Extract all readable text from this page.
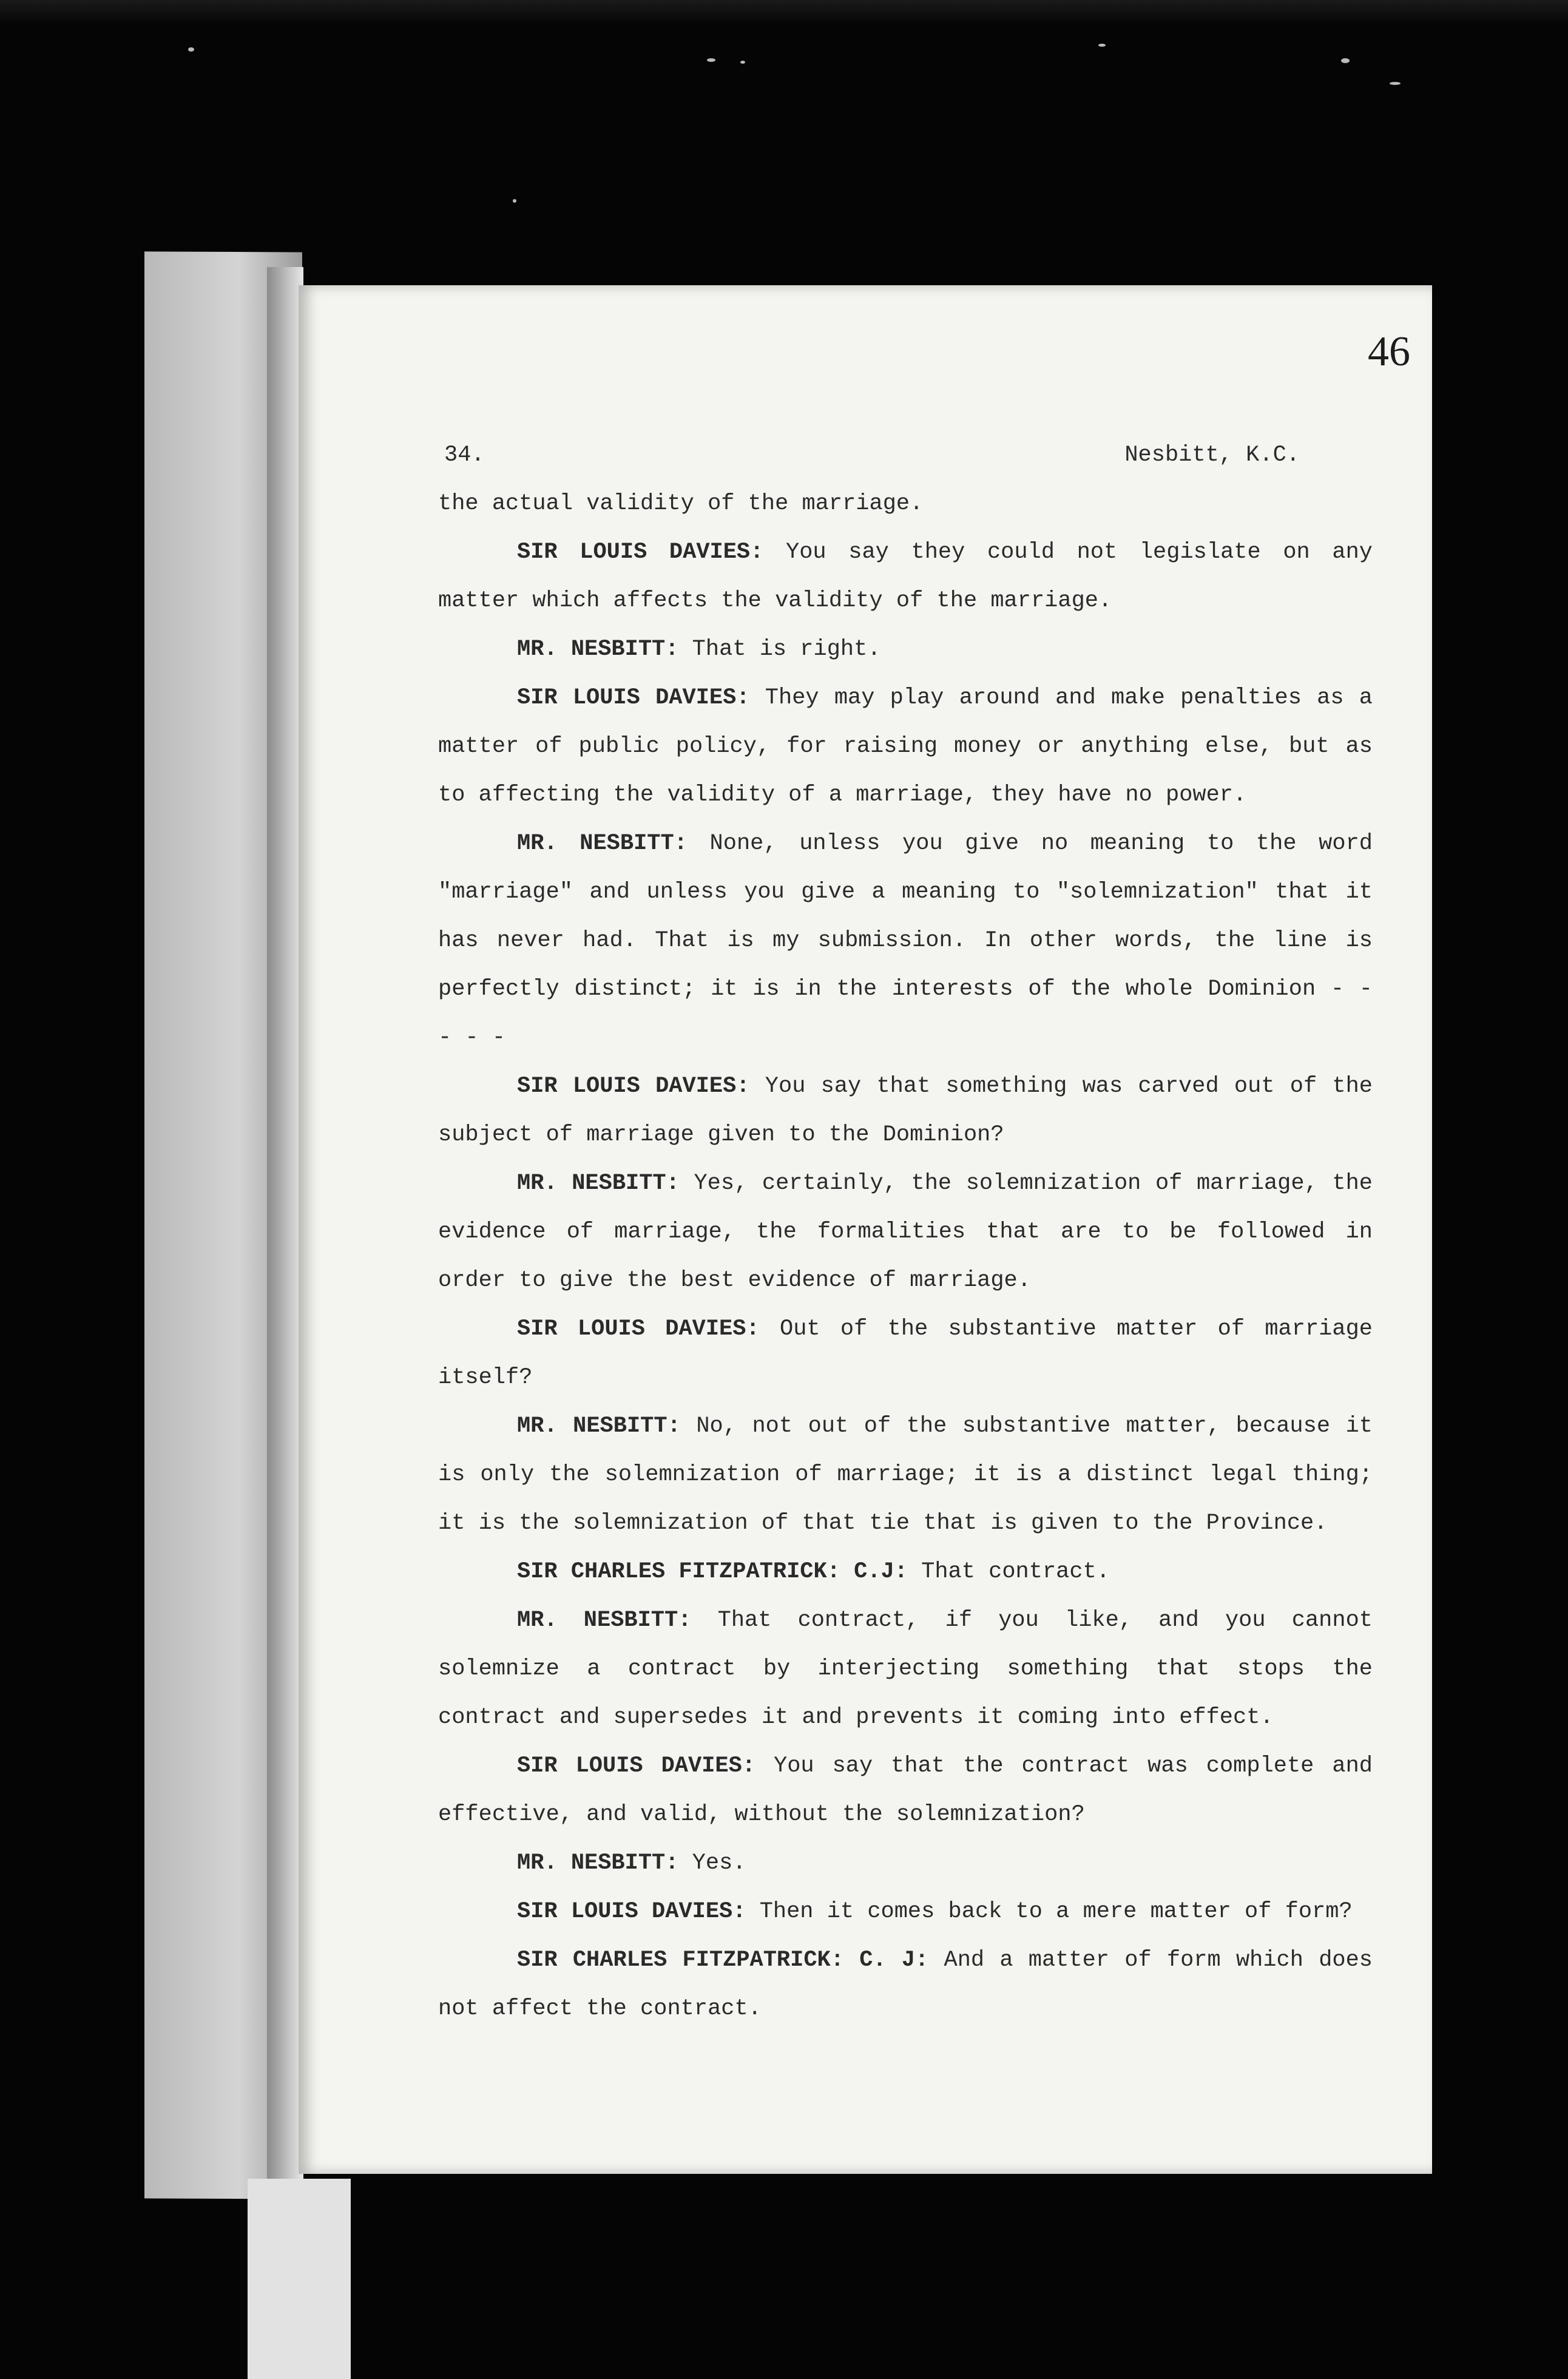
46
34.	Nesbitt, K.C.

the actual validity of the marriage.

SIR LOUIS DAVIES: You say they could not legislate on any matter which affects the validity of the marriage.

MR. NESBITT: That is right.

SIR LOUIS DAVIES: They may play around and make penalties as a matter of public policy, for raising money or anything else, but as to affecting the validity of a marriage, they have no power.

MR. NESBITT: None, unless you give no meaning to the word "marriage" and unless you give a meaning to "solemnization" that it has never had. That is my submission. In other words, the line is perfectly distinct; it is in the interests of the whole Dominion - - - - -

SIR LOUIS DAVIES: You say that something was carved out of the subject of marriage given to the Dominion?

MR. NESBITT: Yes, certainly, the solemnization of marriage, the evidence of marriage, the formalities that are to be followed in order to give the best evidence of marriage.

SIR LOUIS DAVIES: Out of the substantive matter of marriage itself?

MR. NESBITT: No, not out of the substantive matter, because it is only the solemnization of marriage; it is a distinct legal thing; it is the solemnization of that tie that is given to the Province.

SIR CHARLES FITZPATRICK: C.J: That contract.

MR. NESBITT: That contract, if you like, and you cannot solemnize a contract by interjecting something that stops the contract and supersedes it and prevents it coming into effect.

SIR LOUIS DAVIES: You say that the contract was complete and effective, and valid, without the solemnization?

MR. NESBITT: Yes.

SIR LOUIS DAVIES: Then it comes back to a mere matter of form?

SIR CHARLES FITZPATRICK: C. J: And a matter of form which does not affect the contract.
